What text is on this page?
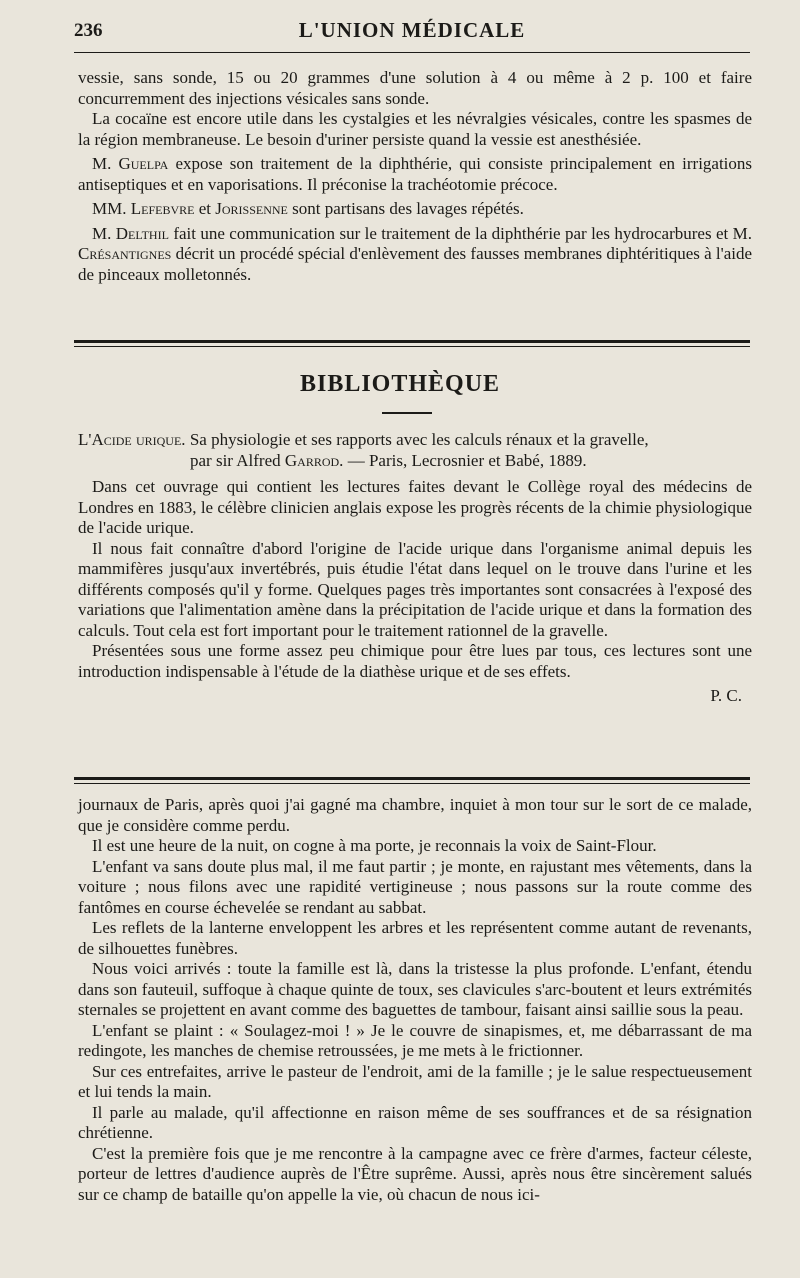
236	L'UNION MÉDICALE

vessie, sans sonde, 15 ou 20 grammes d'une solution à 4 ou même à 2 p. 100 et faire concurremment des injections vésicales sans sonde.

La cocaïne est encore utile dans les cystalgies et les névralgies vésicales, contre les spasmes de la région membraneuse. Le besoin d'uriner persiste quand la vessie est anesthésiée.

M. Guelpa expose son traitement de la diphthérie, qui consiste principalement en irrigations antiseptiques et en vaporisations. Il préconise la trachéotomie précoce.

MM. Lefebvre et Jorissenne sont partisans des lavages répétés.

M. Delthil fait une communication sur le traitement de la diphthérie par les hydrocarbures et M. Crésantignes décrit un procédé spécial d'enlèvement des fausses membranes diphtéritiques à l'aide de pinceaux molletonnés.

BIBLIOTHÈQUE

L'Acide urique. Sa physiologie et ses rapports avec les calculs rénaux et la gravelle,

par sir Alfred Garrod. — Paris, Lecrosnier et Babé, 1889.

Dans cet ouvrage qui contient les lectures faites devant le Collège royal des médecins de Londres en 1883, le célèbre clinicien anglais expose les progrès récents de la chimie physiologique de l'acide urique.

Il nous fait connaître d'abord l'origine de l'acide urique dans l'organisme animal depuis les mammifères jusqu'aux invertébrés, puis étudie l'état dans lequel on le trouve dans l'urine et les différents composés qu'il y forme. Quelques pages très importantes sont consacrées à l'exposé des variations que l'alimentation amène dans la précipitation de l'acide urique et dans la formation des calculs. Tout cela est fort important pour le traitement rationnel de la gravelle.

Présentées sous une forme assez peu chimique pour être lues par tous, ces lectures sont une introduction indispensable à l'étude de la diathèse urique et de ses effets.

P. C.

journaux de Paris, après quoi j'ai gagné ma chambre, inquiet à mon tour sur le sort de ce malade, que je considère comme perdu.

Il est une heure de la nuit, on cogne à ma porte, je reconnais la voix de Saint-Flour.

L'enfant va sans doute plus mal, il me faut partir ; je monte, en rajustant mes vêtements, dans la voiture ; nous filons avec une rapidité vertigineuse ; nous passons sur la route comme des fantômes en course échevelée se rendant au sabbat.

Les reflets de la lanterne enveloppent les arbres et les représentent comme autant de revenants, de silhouettes funèbres.

Nous voici arrivés : toute la famille est là, dans la tristesse la plus profonde. L'enfant, étendu dans son fauteuil, suffoque à chaque quinte de toux, ses clavicules s'arc-boutent et leurs extrémités sternales se projettent en avant comme des baguettes de tambour, faisant ainsi saillie sous la peau.

L'enfant se plaint : « Soulagez-moi ! » Je le couvre de sinapismes, et, me débarrassant de ma redingote, les manches de chemise retroussées, je me mets à le frictionner.

Sur ces entrefaites, arrive le pasteur de l'endroit, ami de la famille ; je le salue respectueusement et lui tends la main.

Il parle au malade, qu'il affectionne en raison même de ses souffrances et de sa résignation chrétienne.

C'est la première fois que je me rencontre à la campagne avec ce frère d'armes, facteur céleste, porteur de lettres d'audience auprès de l'Être suprême. Aussi, après nous être sincèrement salués sur ce champ de bataille qu'on appelle la vie, où chacun de nous ici-
